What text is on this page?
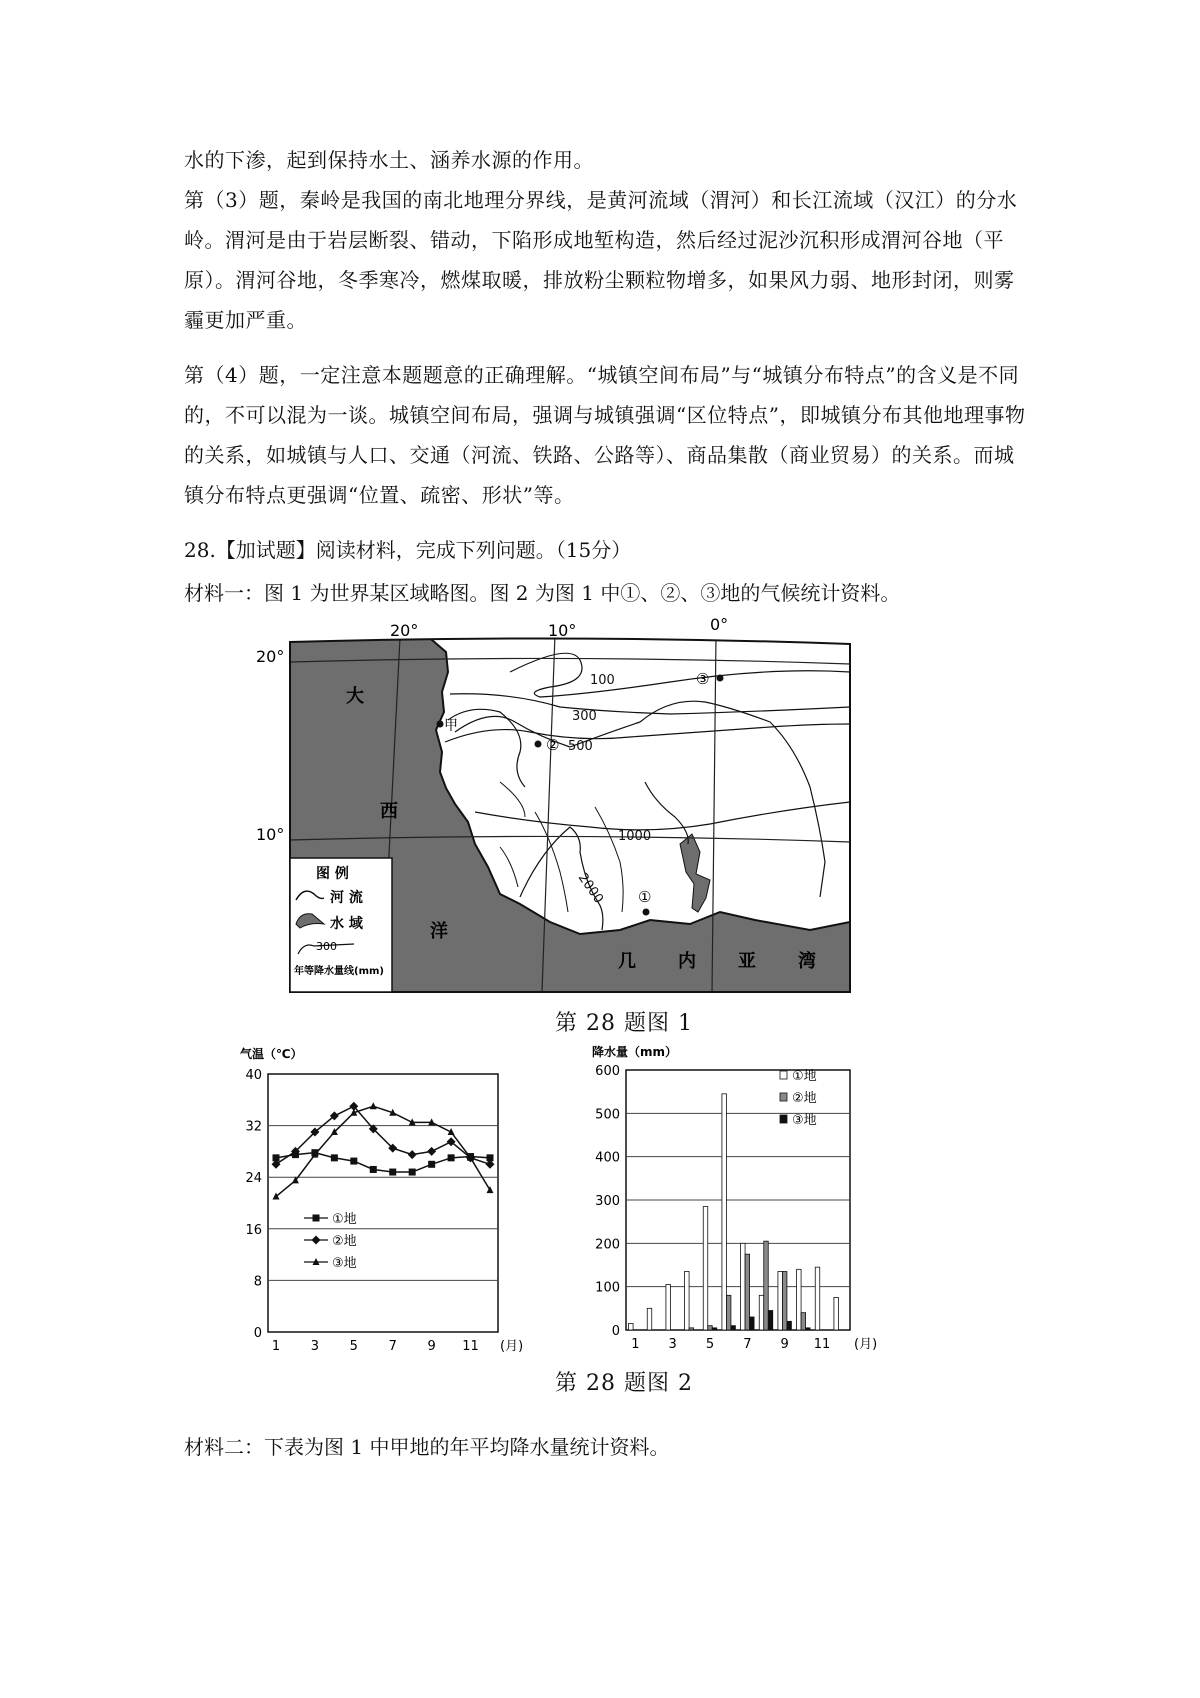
水的下渗，起到保持水土、涵养水源的作用。
第（3）题，秦岭是我国的南北地理分界线，是黄河流域（渭河）和长江流域（汉江）的分水岭。渭河是由于岩层断裂、错动，下陷形成地堑构造，然后经过泥沙沉积形成渭河谷地（平原）。渭河谷地，冬季寒冷，燃煤取暖，排放粉尘颗粒物增多，如果风力弱、地形封闭，则雾霾更加严重。
第（4）题，一定注意本题题意的正确理解。“城镇空间布局”与“城镇分布特点”的含义是不同的，不可以混为一谈。城镇空间布局，强调与城镇强调“区位特点”，即城镇分布其他地理事物的关系，如城镇与人口、交通（河流、铁路、公路等）、商品集散（商业贸易）的关系。而城镇分布特点更强调“位置、疏密、形状”等。
28.【加试题】阅读材料，完成下列问题。（15分）
材料一：图 1 为世界某区域略图。图 2 为图 1 中①、②、③地的气候统计资料。
20°	10°	0°
20°
10°
大
西
洋
几 内 亚 湾
100
300
500
1000
2000
甲
②
③
①
图 例
河 流
水 域
300
年等降水量线(mm)
第 28 题图 1
气温（℃）
0
8
16
24
32
40
1 3 5 7 9 11 (月)
①地
②地
③地
降水量（mm）
0
100
200
300
400
500
600
1 3 5 7 9 11 (月)
①地
②地
③地
第 28 题图 2
材料二：下表为图 1 中甲地的年平均降水量统计资料。
